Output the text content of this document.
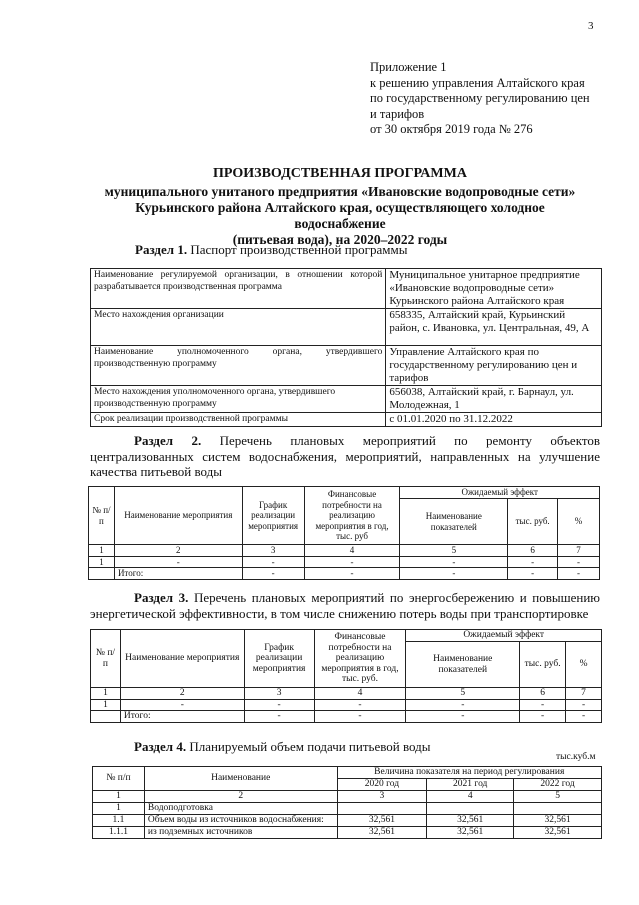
3
Приложение 1
к решению управления Алтайского края
по государственному регулированию цен
и тарифов
от 30 октября 2019 года № 276
ПРОИЗВОДСТВЕННАЯ ПРОГРАММА
муниципального унитаного предприятия «Ивановские водопроводные сети»
Курьинского района Алтайского края, осуществляющего холодное водоснабжение
(питьевая вода), на 2020–2022 годы
Раздел 1. Паспорт производственной программы
Наименование регулируемой организации, в отношении которой разрабатывается производственная программа	Муниципальное унитарное предприятие «Ивановские водопроводные сети» Курьинского района Алтайского края
Место нахождения организации	658335, Алтайский край, Курьинский район, с. Ивановка, ул. Центральная, 49, А
Наименование уполномоченного органа, утвердившего производственную программу	Управление Алтайского края по государственному регулированию цен и тарифов
Место нахождения уполномоченного органа, утвердившего производственную программу	656038, Алтайский край, г. Барнаул, ул. Молодежная, 1
Срок реализации производственной программы	с 01.01.2020 по 31.12.2022
Раздел 2. Перечень плановых мероприятий по ремонту объектов централизованных систем водоснабжения, мероприятий, направленных на улучшение качества питьевой воды
№ п/п	Наименование мероприятия	График реализации мероприятия	Финансовые потребности на реализацию мероприятия в год, тыс. руб	Ожидаемый эффект		
				Наименование показателей	тыс. руб.	%
1	2	3	4	5	6	7
1	-	-	-	-	-	-
	Итого:	-	-	-	-	-
Раздел 3. Перечень плановых мероприятий по энергосбережению и повышению энергетической эффективности, в том числе снижению потерь воды при транспортировке
№ п/п	Наименование мероприятия	График реализации мероприятия	Финансовые потребности на реализацию мероприятия в год, тыс. руб.	Ожидаемый эффект		
				Наименование показателей	тыс. руб.	%
1	2	3	4	5	6	7
1	-	-	-	-	-	-
	Итого:	-	-	-	-	-
Раздел 4. Планируемый объем подачи питьевой воды
тыс.куб.м
№ п/п	Наименование	Величина показателя на период регулирования		
		2020 год	2021 год	2022 год
1	2	3	4	5
1	Водоподготовка			
1.1	Объем воды из источников водоснабжения:	32,561	32,561	32,561
1.1.1	из подземных источников	32,561	32,561	32,561
